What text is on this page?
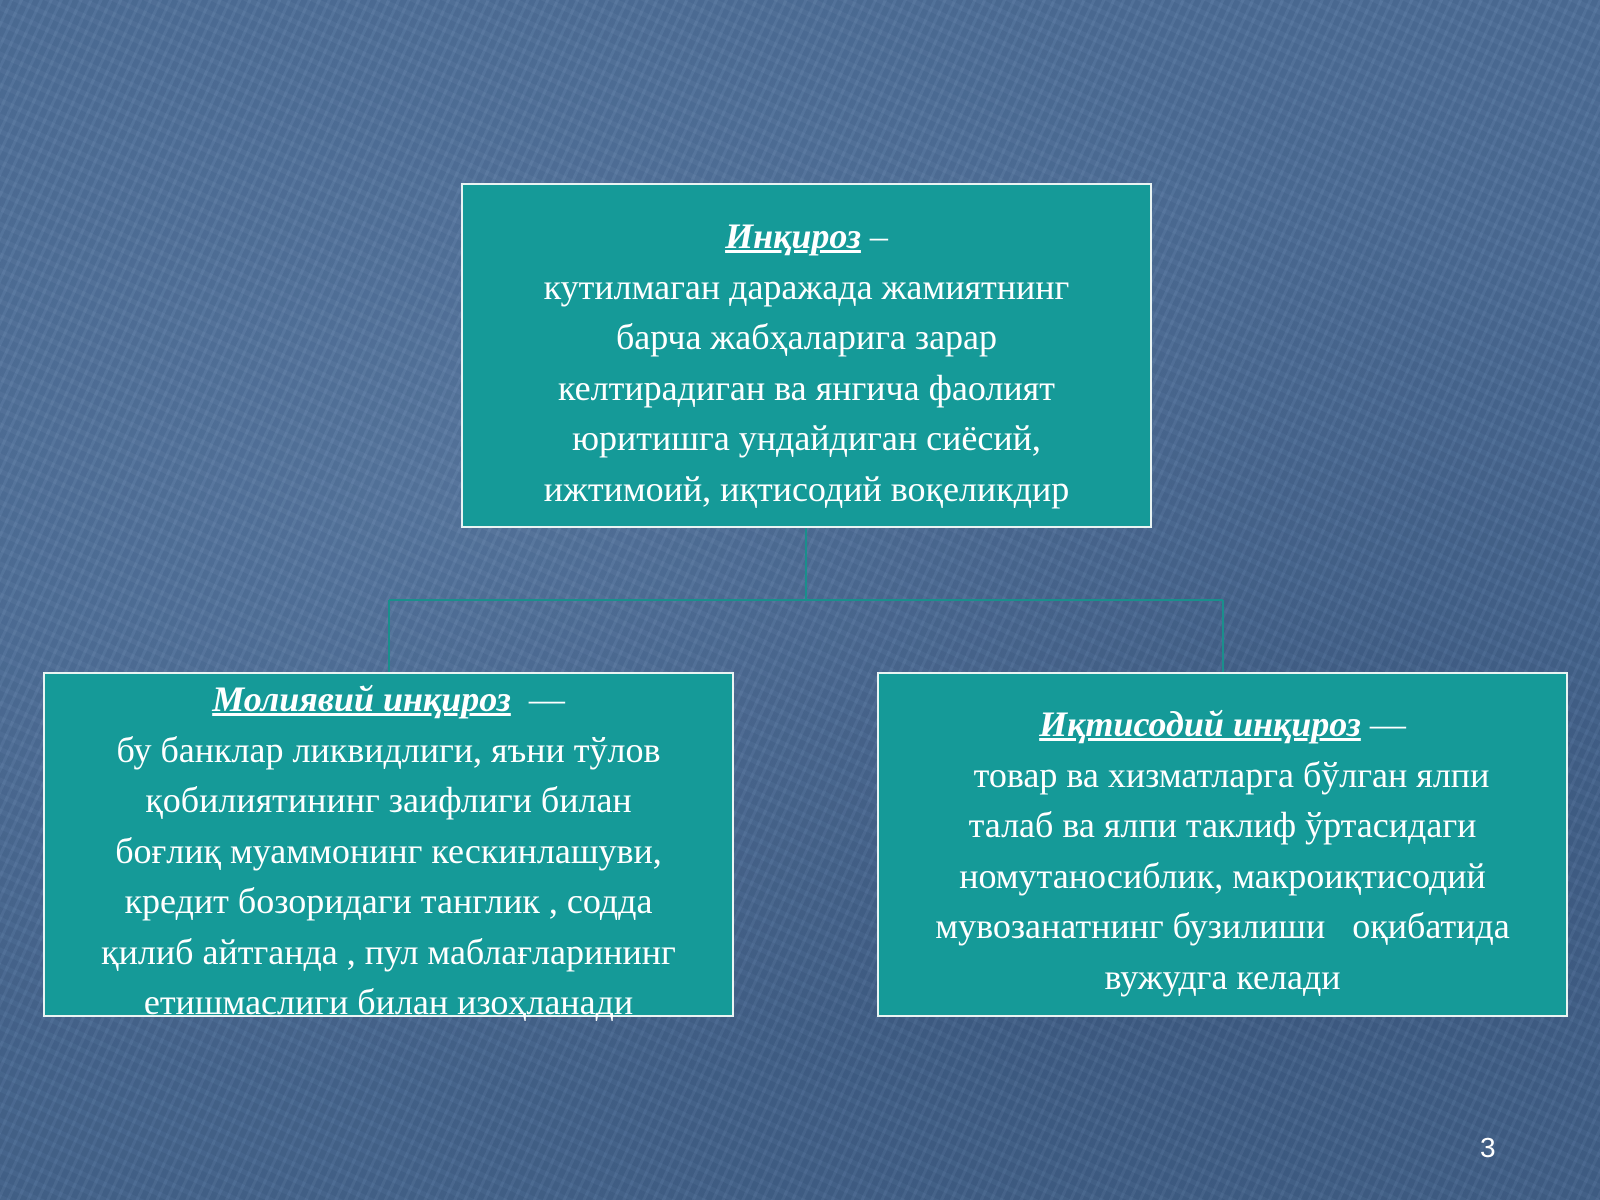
Инқироз –
кутилмаган даражада жамиятнинг
барча жабҳаларига зарар
келтирадиган ва янгича фаолият
юритишга ундайдиган сиёсий,
ижтимоий, иқтисодий воқеликдир
Молиявий инқироз  —
бу банклар ликвидлиги, яъни тўлов
қобилиятининг заифлиги билан
боғлиқ муаммонинг кескинлашуви,
кредит бозоридаги танглик , содда
қилиб айтганда , пул маблағларининг
етишмаслиги билан изоҳланади
Иқтисодий инқироз —
товар ва хизматларга бўлган ялпи
талаб ва ялпи таклиф ўртасидаги
номутаносиблик, макроиқтисодий
мувозанатнинг бузилиши   оқибатида
вужудга келади
3
